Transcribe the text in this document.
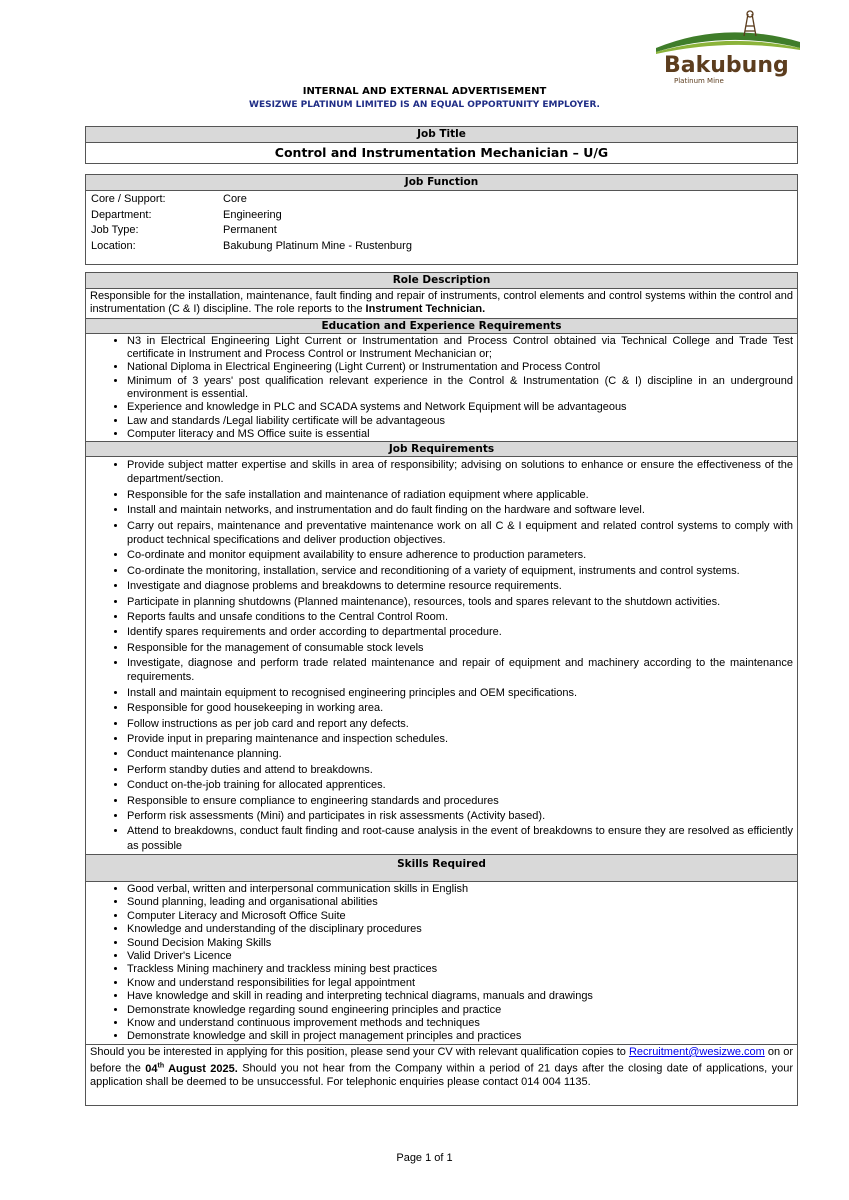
Bakubung
Platinum Mine
INTERNAL AND EXTERNAL ADVERTISEMENT
WESIZWE PLATINUM LIMITED IS AN EQUAL OPPORTUNITY EMPLOYER.
Job Title
Control and Instrumentation Mechanician – U/G
Job Function
Core / Support:	Core
Department:	Engineering
Job Type:	Permanent
Location:	Bakubung Platinum Mine - Rustenburg
Role Description
Responsible for the installation, maintenance, fault finding and repair of instruments, control elements and control systems within the control and instrumentation (C & I) discipline. The role reports to the Instrument Technician.
Education and Experience Requirements
• N3 in Electrical Engineering Light Current or Instrumentation and Process Control obtained via Technical College and Trade Test certificate in Instrument and Process Control or Instrument Mechanician or;
• National Diploma in Electrical Engineering (Light Current) or Instrumentation and Process Control
• Minimum of 3 years' post qualification relevant experience in the Control & Instrumentation (C & I) discipline in an underground environment is essential.
• Experience and knowledge in PLC and SCADA systems and Network Equipment will be advantageous
• Law and standards /Legal liability certificate will be advantageous
• Computer literacy and MS Office suite is essential
Job Requirements
• Provide subject matter expertise and skills in area of responsibility; advising on solutions to enhance or ensure the effectiveness of the department/section.
• Responsible for the safe installation and maintenance of radiation equipment where applicable.
• Install and maintain networks, and instrumentation and do fault finding on the hardware and software level.
• Carry out repairs, maintenance and preventative maintenance work on all C & I equipment and related control systems to comply with product technical specifications and deliver production objectives.
• Co-ordinate and monitor equipment availability to ensure adherence to production parameters.
• Co-ordinate the monitoring, installation, service and reconditioning of a variety of equipment, instruments and control systems.
• Investigate and diagnose problems and breakdowns to determine resource requirements.
• Participate in planning shutdowns (Planned maintenance), resources, tools and spares relevant to the shutdown activities.
• Reports faults and unsafe conditions to the Central Control Room.
• Identify spares requirements and order according to departmental procedure.
• Responsible for the management of consumable stock levels
• Investigate, diagnose and perform trade related maintenance and repair of equipment and machinery according to the maintenance requirements.
• Install and maintain equipment to recognised engineering principles and OEM specifications.
• Responsible for good housekeeping in working area.
• Follow instructions as per job card and report any defects.
• Provide input in preparing maintenance and inspection schedules.
• Conduct maintenance planning.
• Perform standby duties and attend to breakdowns.
• Conduct on-the-job training for allocated apprentices.
• Responsible to ensure compliance to engineering standards and procedures
• Perform risk assessments (Mini) and participates in risk assessments (Activity based).
• Attend to breakdowns, conduct fault finding and root-cause analysis in the event of breakdowns to ensure they are resolved as efficiently as possible
Skills Required
• Good verbal, written and interpersonal communication skills in English
• Sound planning, leading and organisational abilities
• Computer Literacy and Microsoft Office Suite
• Knowledge and understanding of the disciplinary procedures
• Sound Decision Making Skills
• Valid Driver's Licence
• Trackless Mining machinery and trackless mining best practices
• Know and understand responsibilities for legal appointment
• Have knowledge and skill in reading and interpreting technical diagrams, manuals and drawings
• Demonstrate knowledge regarding sound engineering principles and practice
• Know and understand continuous improvement methods and techniques
• Demonstrate knowledge and skill in project management principles and practices
Should you be interested in applying for this position, please send your CV with relevant qualification copies to Recruitment@wesizwe.com on or before the 04th August 2025. Should you not hear from the Company within a period of 21 days after the closing date of applications, your application shall be deemed to be unsuccessful. For telephonic enquiries please contact 014 004 1135.
Page 1 of 1
